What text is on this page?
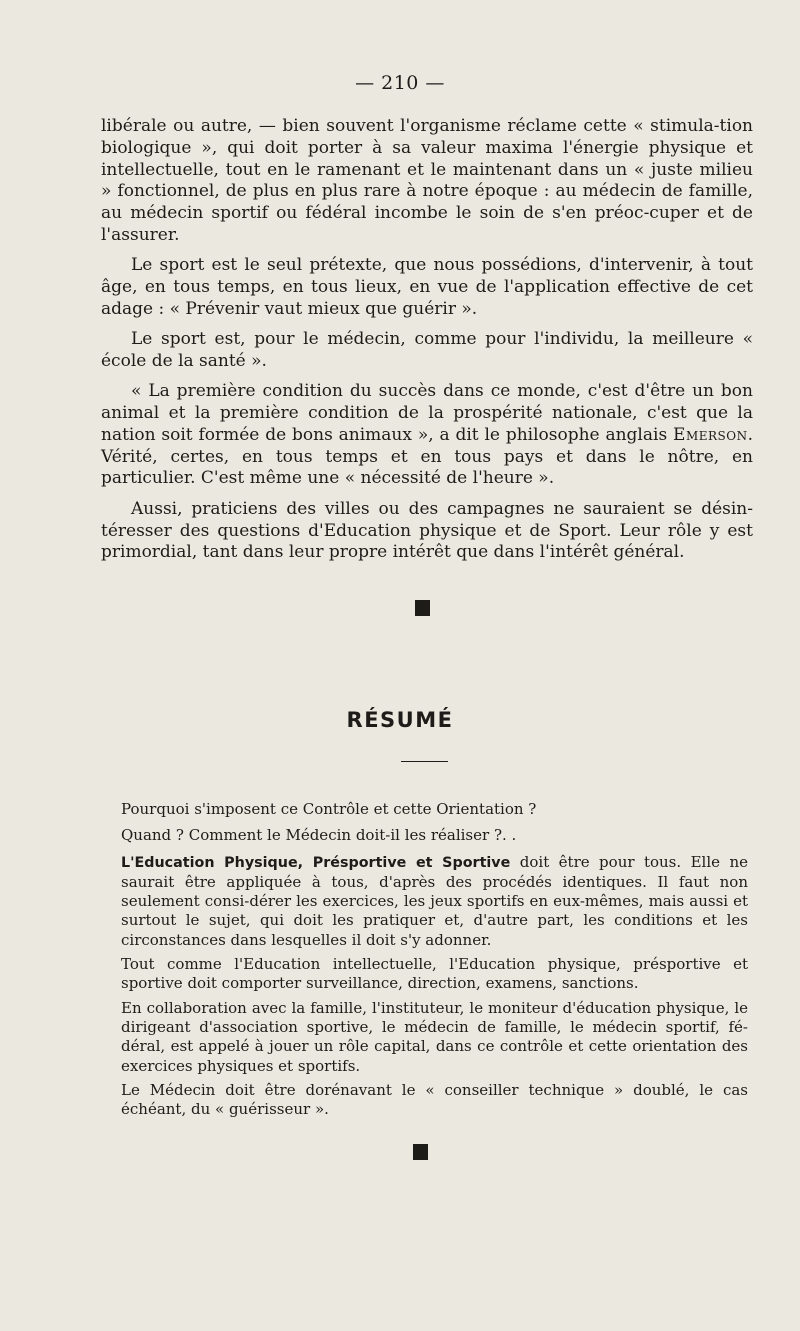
— 210 —

libérale ou autre, — bien souvent l'organisme réclame cette « stimula-tion biologique », qui doit porter à sa valeur maxima l'énergie physique et intellectuelle, tout en le ramenant et le maintenant dans un « juste milieu » fonctionnel, de plus en plus rare à notre époque : au médecin de famille, au médecin sportif ou fédéral incombe le soin de s'en préoc-cuper et de l'assurer.

Le sport est le seul prétexte, que nous possédions, d'intervenir, à tout âge, en tous temps, en tous lieux, en vue de l'application effective de cet adage : « Prévenir vaut mieux que guérir ».

Le sport est, pour le médecin, comme pour l'individu, la meilleure « école de la santé ».

« La première condition du succès dans ce monde, c'est d'être un bon animal et la première condition de la prospérité nationale, c'est que la nation soit formée de bons animaux », a dit le philosophe anglais Emerson. Vérité, certes, en tous temps et en tous pays et dans le nôtre, en particulier. C'est même une « nécessité de l'heure ».

Aussi, praticiens des villes ou des campagnes ne sauraient se désin-téresser des questions d'Education physique et de Sport. Leur rôle y est primordial, tant dans leur propre intérêt que dans l'intérêt général.

RÉSUMÉ

Pourquoi s'imposent ce Contrôle et cette Orientation ?

Quand ? Comment le Médecin doit-il les réaliser ?. .

L'Education Physique, Présportive et Sportive doit être pour tous. Elle ne saurait être appliquée à tous, d'après des procédés identiques. Il faut non seulement consi-dérer les exercices, les jeux sportifs en eux-mêmes, mais aussi et surtout le sujet, qui doit les pratiquer et, d'autre part, les conditions et les circonstances dans lesquelles il doit s'y adonner.

Tout comme l'Education intellectuelle, l'Education physique, présportive et sportive doit comporter surveillance, direction, examens, sanctions.

En collaboration avec la famille, l'instituteur, le moniteur d'éducation physique, le dirigeant d'association sportive, le médecin de famille, le médecin sportif, fé-déral, est appelé à jouer un rôle capital, dans ce contrôle et cette orientation des exercices physiques et sportifs.

Le Médecin doit être dorénavant le « conseiller technique » doublé, le cas échéant, du « guérisseur ».
